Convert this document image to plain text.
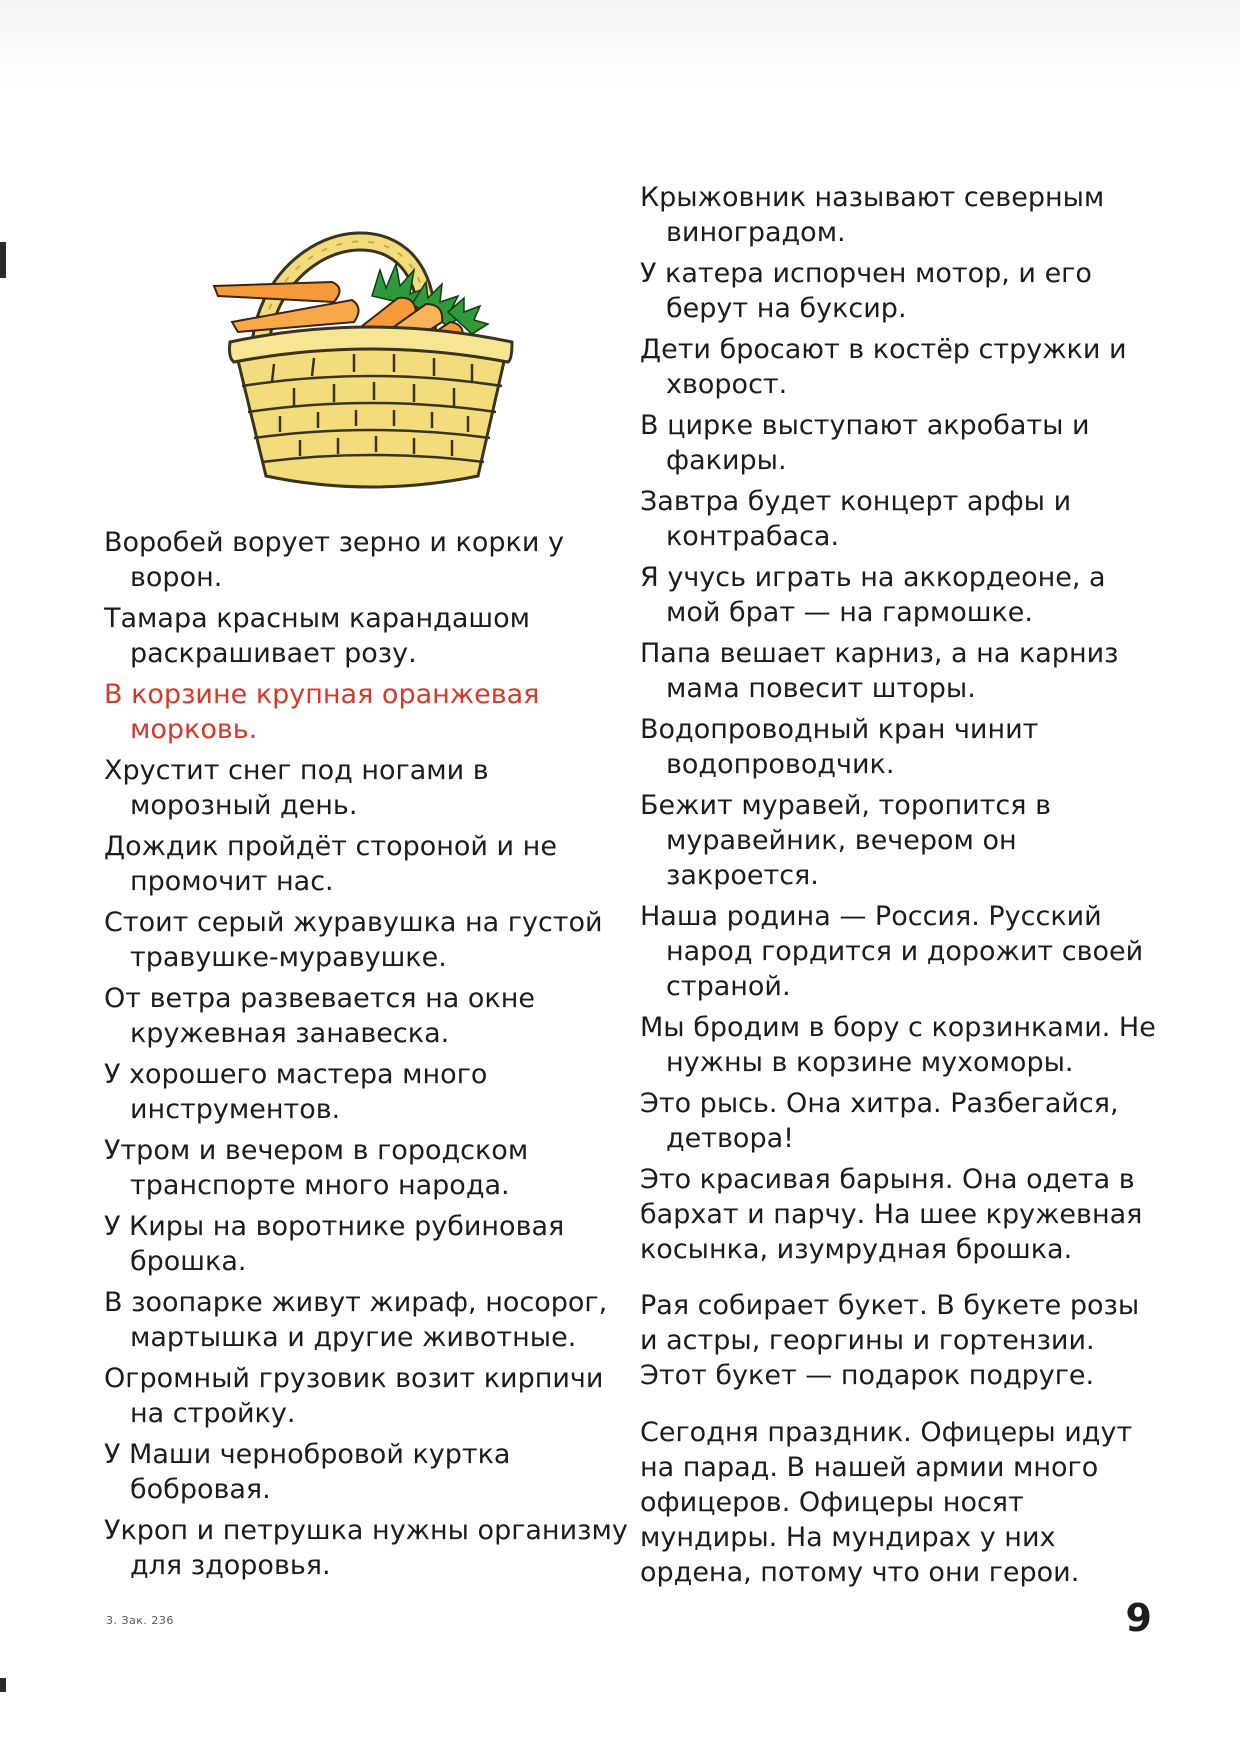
Воробей ворует зерно и корки у ворон.

Тамара красным карандашом раскрашивает розу.

В корзине крупная оранжевая морковь.

Хрустит снег под ногами в морозный день.

Дождик пройдёт стороной и не промочит нас.

Стоит серый журавушка на густой травушке-муравушке.

От ветра развевается на окне кружевная занавеска.

У хорошего мастера много инструментов.

Утром и вечером в городском транспорте много народа.

У Киры на воротнике рубиновая брошка.

В зоопарке живут жираф, носорог, мартышка и другие животные.

Огромный грузовик возит кирпичи на стройку.

У Маши чернобровой куртка бобровая.

Укроп и петрушка нужны организму для здоровья.

Крыжовник называют северным виноградом.

У катера испорчен мотор, и его берут на буксир.

Дети бросают в костёр стружки и хворост.

В цирке выступают акробаты и факиры.

Завтра будет концерт арфы и контрабаса.

Я учусь играть на аккордеоне, а мой брат — на гармошке.

Папа вешает карниз, а на карниз мама повесит шторы.

Водопроводный кран чинит водопроводчик.

Бежит муравей, торопится в муравейник, вечером он закроется.

Наша родина — Россия. Русский народ гордится и дорожит своей страной.

Мы бродим в бору с корзинками. Не нужны в корзине мухоморы.

Это рысь. Она хитра. Разбегайся, детвора!

Это красивая барыня. Она одета в бархат и парчу. На шее кружевная косынка, изумрудная брошка.

Рая собирает букет. В букете розы и астры, георгины и гортензии. Этот букет — подарок подруге.

Сегодня праздник. Офицеры идут на парад. В нашей армии много офицеров. Офицеры носят мундиры. На мундирах у них ордена, потому что они герои.

3. Зак. 236	9
